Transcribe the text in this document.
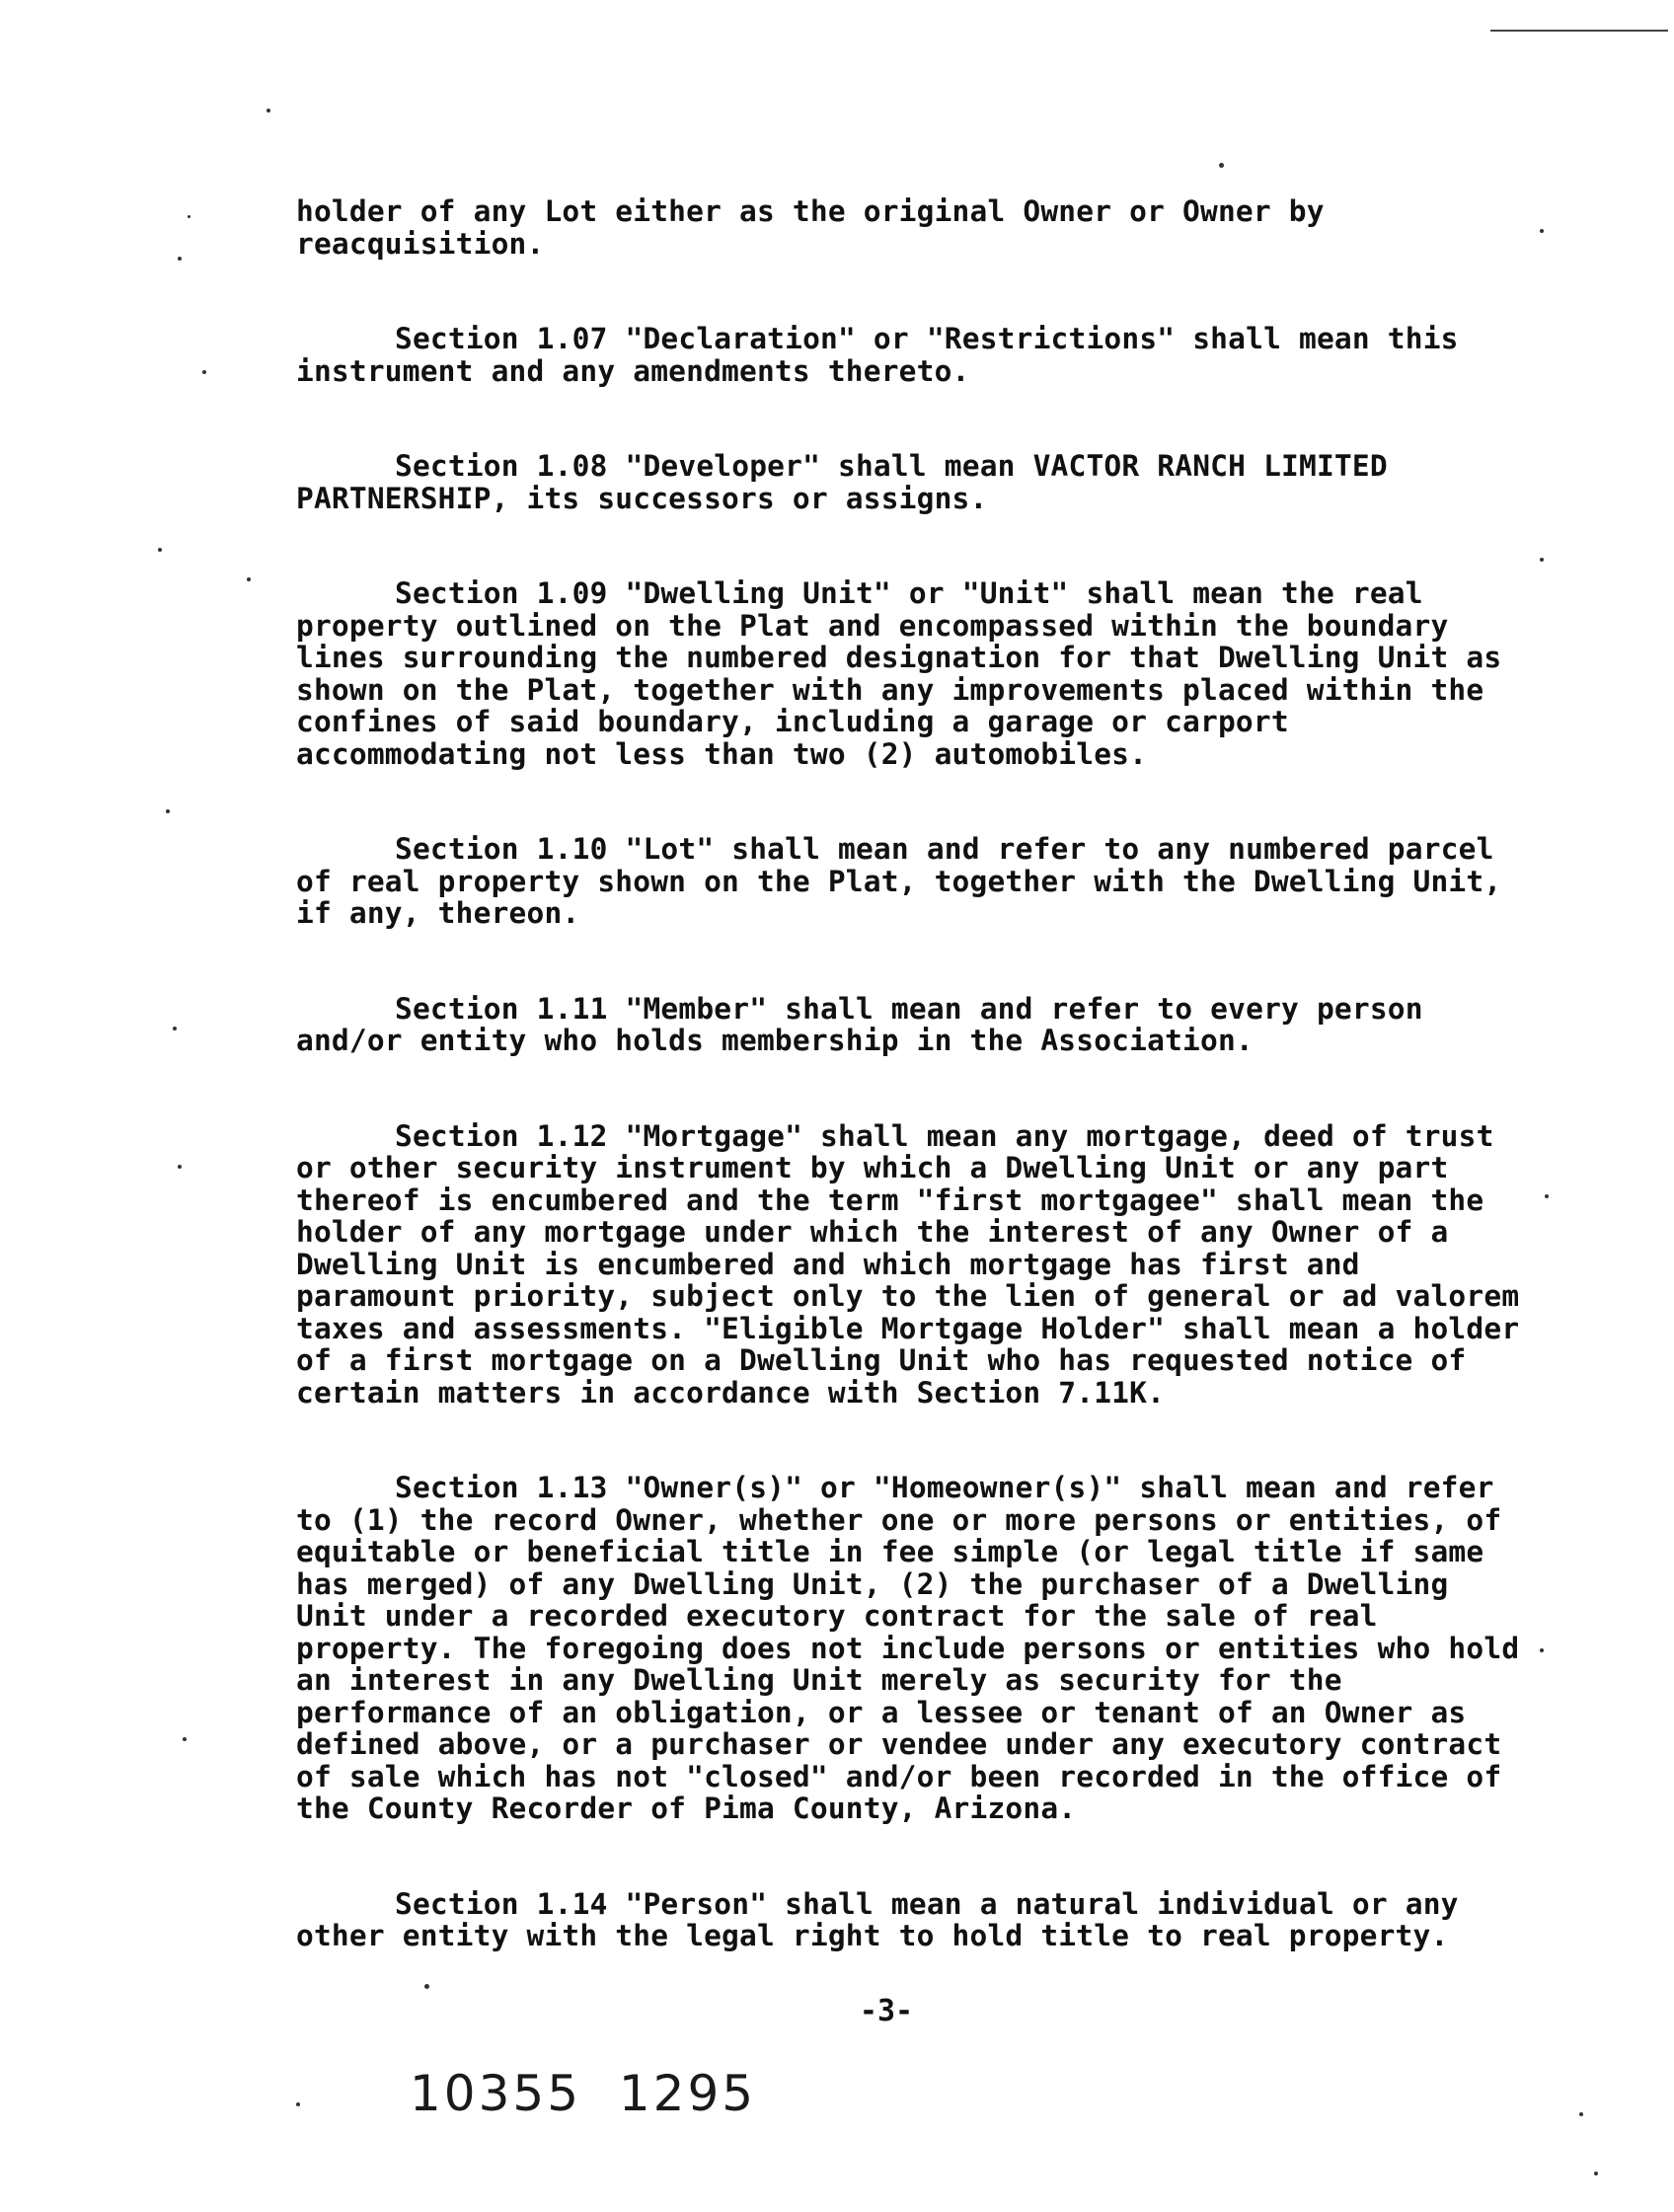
holder of any Lot either as the original Owner or Owner by reacquisition.

Section 1.07 "Declaration" or "Restrictions" shall mean this instrument and any amendments thereto.

Section 1.08 "Developer" shall mean VACTOR RANCH LIMITED PARTNERSHIP, its successors or assigns.

Section 1.09 "Dwelling Unit" or "Unit" shall mean the real property outlined on the Plat and encompassed within the boundary lines surrounding the numbered designation for that Dwelling Unit as shown on the Plat, together with any improvements placed within the confines of said boundary, including a garage or carport accommodating not less than two (2) automobiles.

Section 1.10 "Lot" shall mean and refer to any numbered parcel of real property shown on the Plat, together with the Dwelling Unit, if any, thereon.

Section 1.11 "Member" shall mean and refer to every person and/or entity who holds membership in the Association.

Section 1.12 "Mortgage" shall mean any mortgage, deed of trust or other security instrument by which a Dwelling Unit or any part thereof is encumbered and the term "first mortgagee" shall mean the holder of any mortgage under which the interest of any Owner of a Dwelling Unit is encumbered and which mortgage has first and paramount priority, subject only to the lien of general or ad valorem taxes and assessments. "Eligible Mortgage Holder" shall mean a holder of a first mortgage on a Dwelling Unit who has requested notice of certain matters in accordance with Section 7.11K.

Section 1.13 "Owner(s)" or "Homeowner(s)" shall mean and refer to (1) the record Owner, whether one or more persons or entities, of equitable or beneficial title in fee simple (or legal title if same has merged) of any Dwelling Unit, (2) the purchaser of a Dwelling Unit under a recorded executory contract for the sale of real property. The foregoing does not include persons or entities who hold an interest in any Dwelling Unit merely as security for the performance of an obligation, or a lessee or tenant of an Owner as defined above, or a purchaser or vendee under any executory contract of sale which has not "closed" and/or been recorded in the office of the County Recorder of Pima County, Arizona.

Section 1.14 "Person" shall mean a natural individual or any other entity with the legal right to hold title to real property.

-3-
10355  1295
